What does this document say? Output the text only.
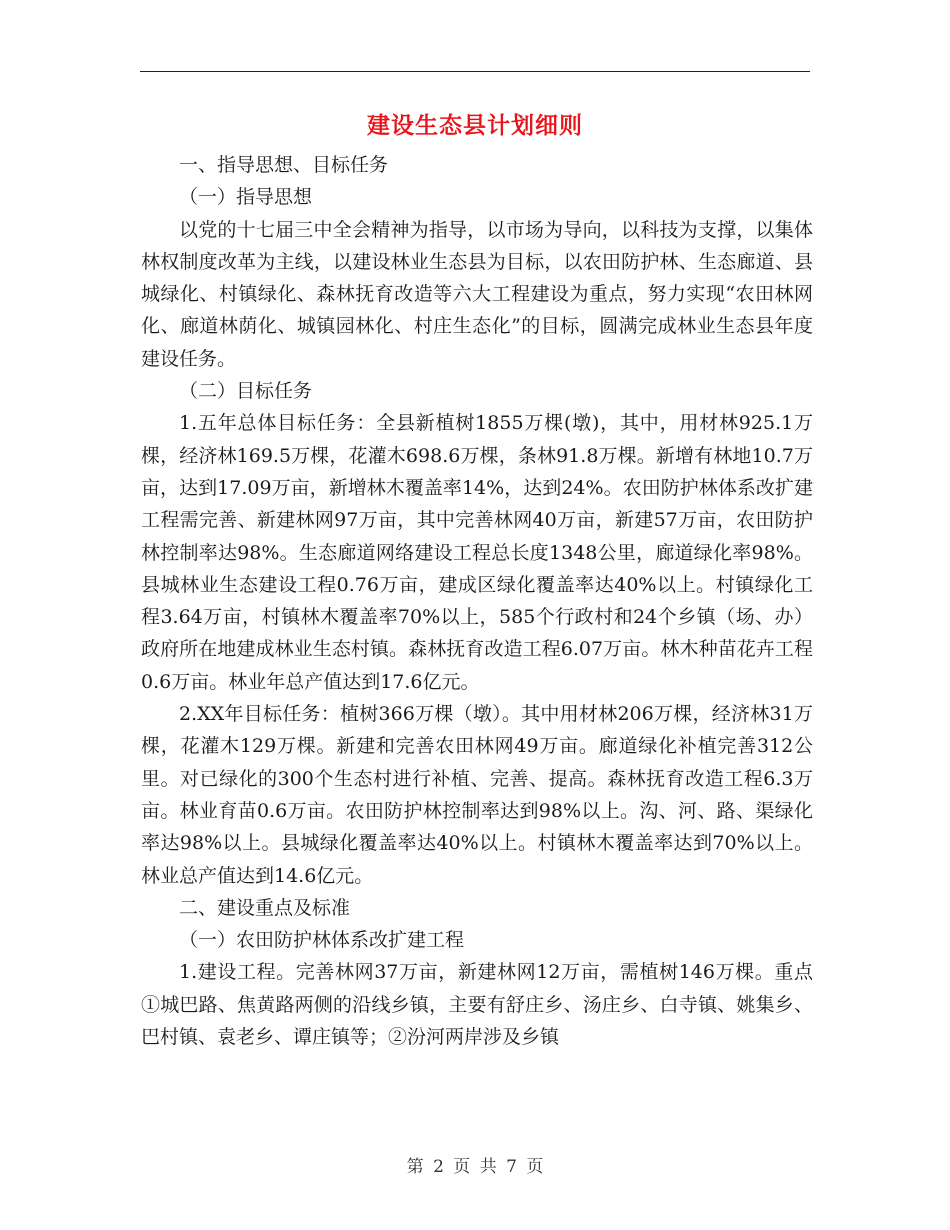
建设生态县计划细则

一、指导思想、目标任务

（一）指导思想

以党的十七届三中全会精神为指导，以市场为导向，以科技为支撑，以集体林权制度改革为主线，以建设林业生态县为目标，以农田防护林、生态廊道、县城绿化、村镇绿化、森林抚育改造等六大工程建设为重点，努力实现“农田林网化、廊道林荫化、城镇园林化、村庄生态化”的目标，圆满完成林业生态县年度建设任务。

（二）目标任务

1.五年总体目标任务：全县新植树1855万棵(墩)，其中，用材林925.1万棵，经济林169.5万棵，花灌木698.6万棵，条林91.8万棵。新增有林地10.7万亩，达到17.09万亩，新增林木覆盖率14%，达到24%。农田防护林体系改扩建工程需完善、新建林网97万亩，其中完善林网40万亩，新建57万亩，农田防护林控制率达98%。生态廊道网络建设工程总长度1348公里，廊道绿化率98%。县城林业生态建设工程0.76万亩，建成区绿化覆盖率达40%以上。村镇绿化工程3.64万亩，村镇林木覆盖率70%以上，585个行政村和24个乡镇（场、办）政府所在地建成林业生态村镇。森林抚育改造工程6.07万亩。林木种苗花卉工程0.6万亩。林业年总产值达到17.6亿元。

2.XX年目标任务：植树366万棵（墩）。其中用材林206万棵，经济林31万棵，花灌木129万棵。新建和完善农田林网49万亩。廊道绿化补植完善312公里。对已绿化的300个生态村进行补植、完善、提高。森林抚育改造工程6.3万亩。林业育苗0.6万亩。农田防护林控制率达到98%以上。沟、河、路、渠绿化率达98%以上。县城绿化覆盖率达40%以上。村镇林木覆盖率达到70%以上。林业总产值达到14.6亿元。

二、建设重点及标准

（一）农田防护林体系改扩建工程

1.建设工程。完善林网37万亩，新建林网12万亩，需植树146万棵。重点①城巴路、焦黄路两侧的沿线乡镇，主要有舒庄乡、汤庄乡、白寺镇、姚集乡、巴村镇、袁老乡、谭庄镇等；②汾河两岸涉及乡镇

第 2 页 共 7 页
